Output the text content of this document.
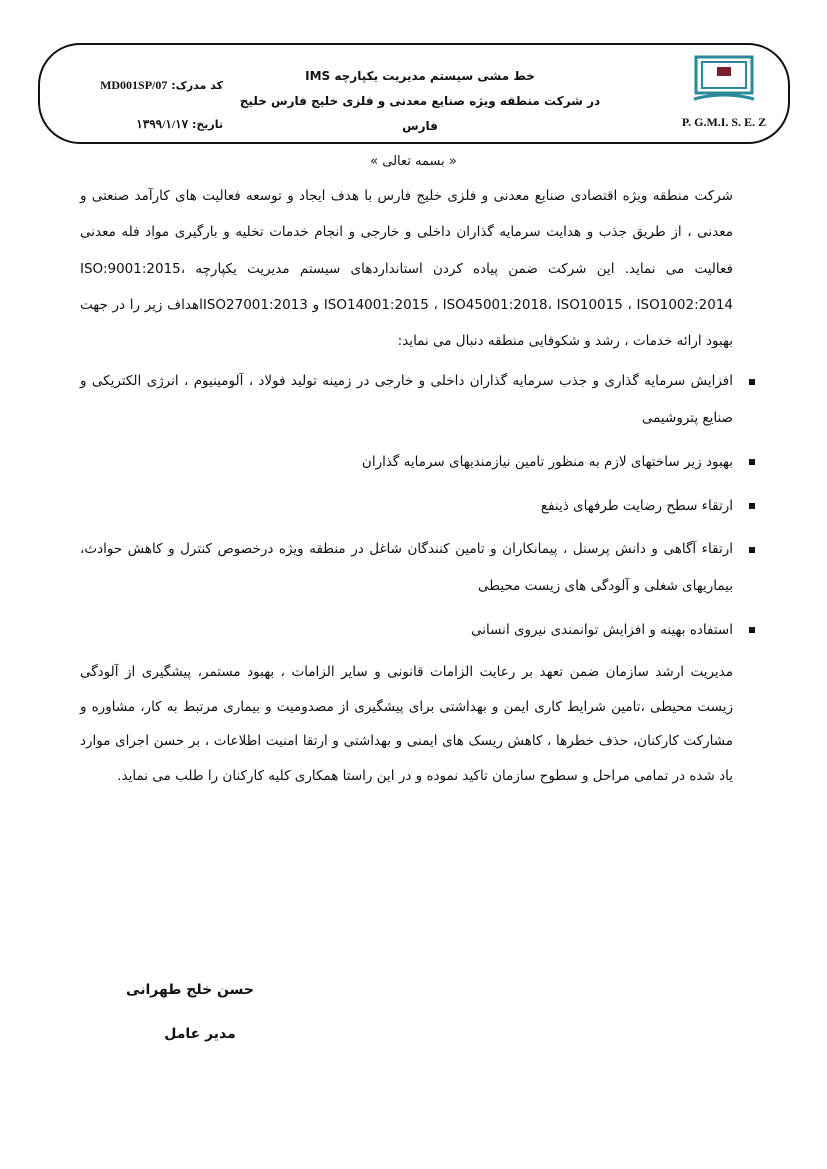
P. G.M.I. S. E. Z
خط مشی سیستم مدیریت یکپارچه IMS
در شرکت منطقه ویژه صنایع معدنی و فلزی خلیج فارس خلیج فارس
کد مدرک: MD001SP/07
تاریخ: ۱۳۹۹/۱/۱۷
« بسمه تعالی »

شرکت منطقه ویژه اقتصادی صنایع معدنی و فلزی خلیج فارس با هدف ایجاد و توسعه فعالیت های کارآمد صنعتی و معدنی ، از طریق جذب و هدایت سرمایه گذاران داخلی و خارجی و انجام خدمات تخلیه و بارگیری مواد فله معدنی فعالیت می نماید. این شرکت ضمن پیاده کردن استانداردهای سیستم مدیریت یکپارچه ISO:9001:2015، ISO14001:2015 ، ISO45001:2018، ISO10015 ، ISO1002:2014 و ISO27001:2013اهداف زیر را در جهت بهبود ارائه خدمات ، رشد و شکوفایی منطقه دنبال می نماید:

افزایش سرمایه گذاری و جذب سرمایه گذاران داخلی و خارجی در زمینه تولید فولاد ، آلومینیوم ، انرژی الکتریکی و صنایع پتروشیمی
بهبود زیر ساختهای لازم به منظور تامین نیازمندیهای سرمایه گذاران
ارتقاء سطح رضایت طرفهای ذینفع
ارتقاء آگاهی و دانش پرسنل ، پیمانکاران و تامین کنندگان شاغل در منطقه ویژه درخصوص کنترل و کاهش حوادث، بیماریهای شغلی و آلودگی های زیست محیطی
استفاده بهینه و افزایش توانمندی نیروی انسانی

مدیریت ارشد سازمان ضمن تعهد بر رعایت الزامات قانونی و سایر الزامات ، بهبود مستمر، پیشگیری از آلودگی زیست محیطی ،تامین شرایط کاری ایمن و بهداشتی برای پیشگیری از مصدومیت و بیماری مرتبط به کار، مشاوره و مشارکت کارکنان، حذف خطرها ، کاهش ریسک های ایمنی و بهداشتی و ارتقا امنیت اطلاعات ، بر حسن اجرای موارد یاد شده در تمامی مراحل و سطوح سازمان تاکید نموده و در این راستا همکاری کلیه کارکنان را طلب می نماید.

حسن خلج طهرانی
مدیر عامل
